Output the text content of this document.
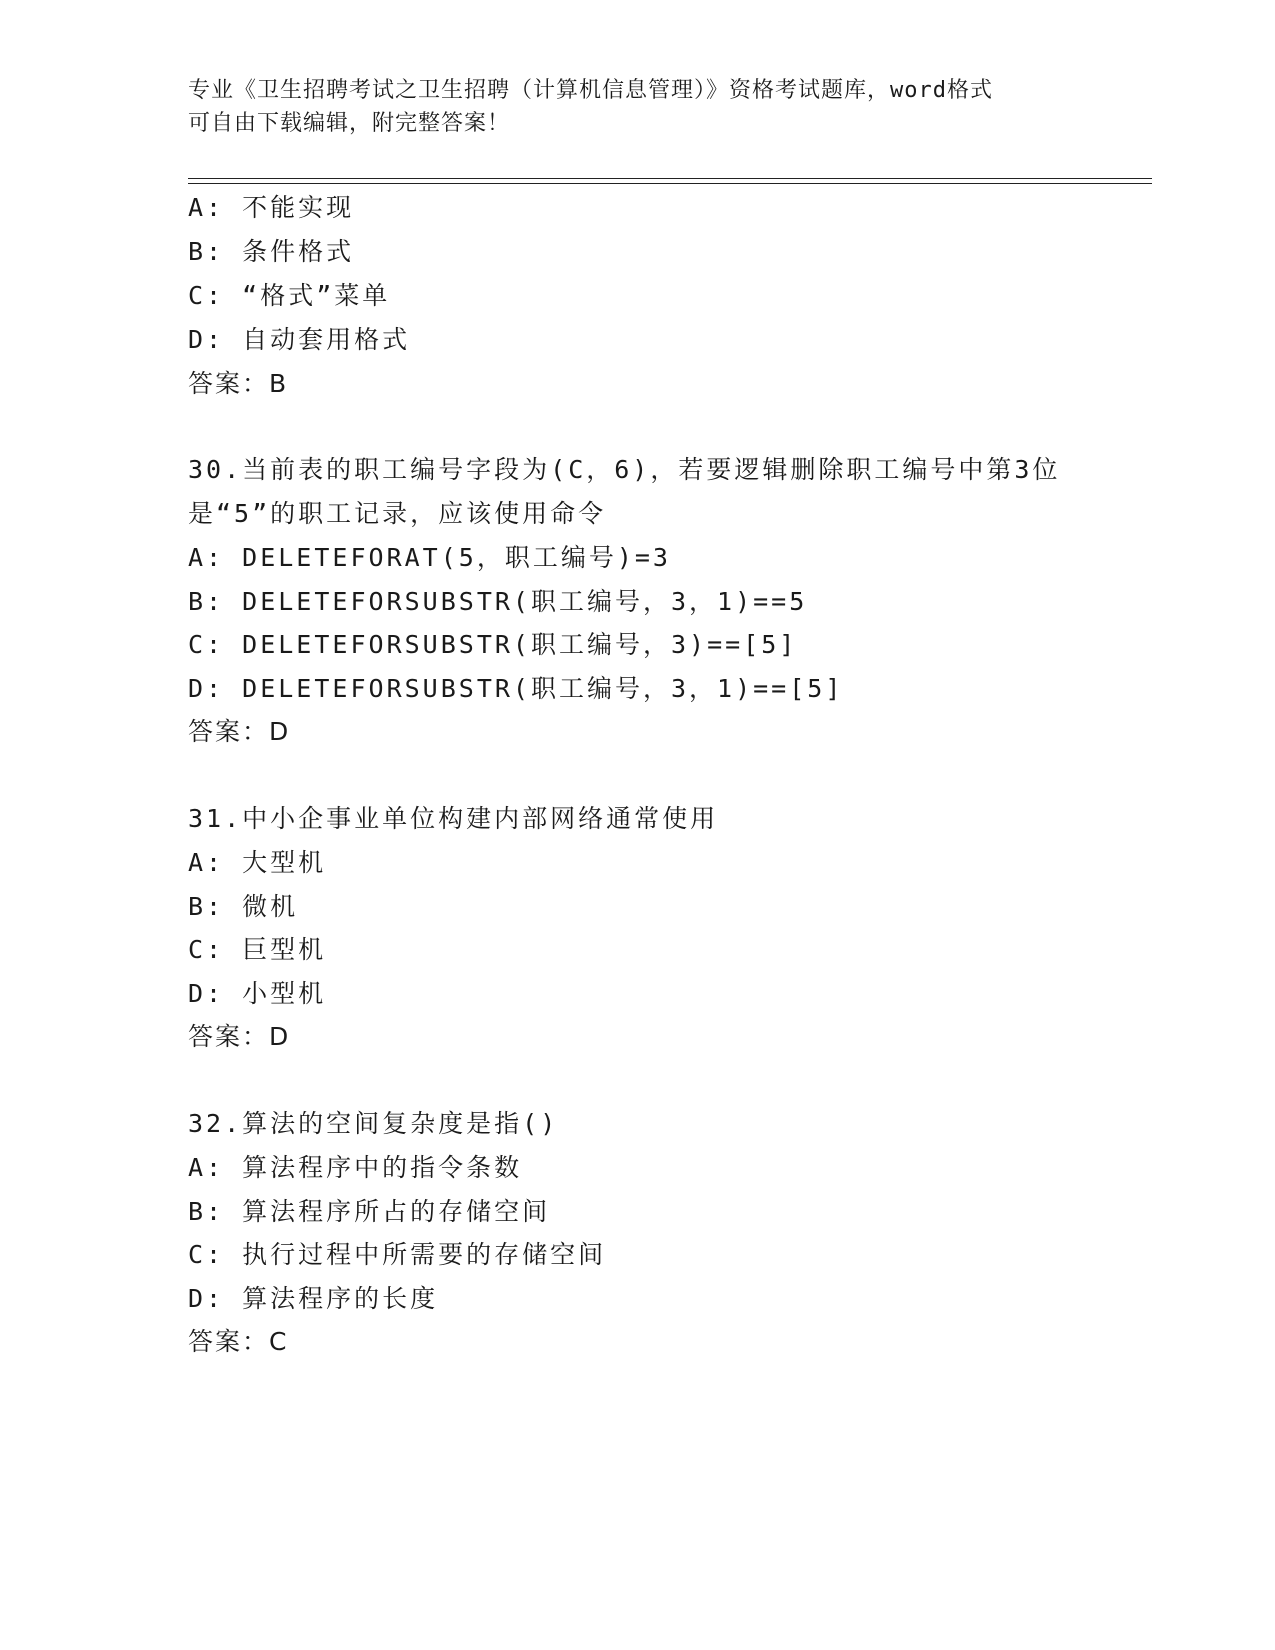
专业《卫生招聘考试之卫生招聘（计算机信息管理）》资格考试题库，word格式
可自由下载编辑，附完整答案！
A: 不能实现
B: 条件格式
C: “格式”菜单
D: 自动套用格式
答案：B
30.当前表的职工编号字段为(C，6)，若要逻辑删除职工编号中第3位
是“5”的职工记录，应该使用命令
A: DELETEFORAT(5，职工编号)=3
B: DELETEFORSUBSTR(职工编号，3，1)==5
C: DELETEFORSUBSTR(职工编号，3)==[5]
D: DELETEFORSUBSTR(职工编号，3，1)==[5]
答案：D
31.中小企事业单位构建内部网络通常使用
A: 大型机
B: 微机
C: 巨型机
D: 小型机
答案：D
32.算法的空间复杂度是指()
A: 算法程序中的指令条数
B: 算法程序所占的存储空间
C: 执行过程中所需要的存储空间
D: 算法程序的长度
答案：C
